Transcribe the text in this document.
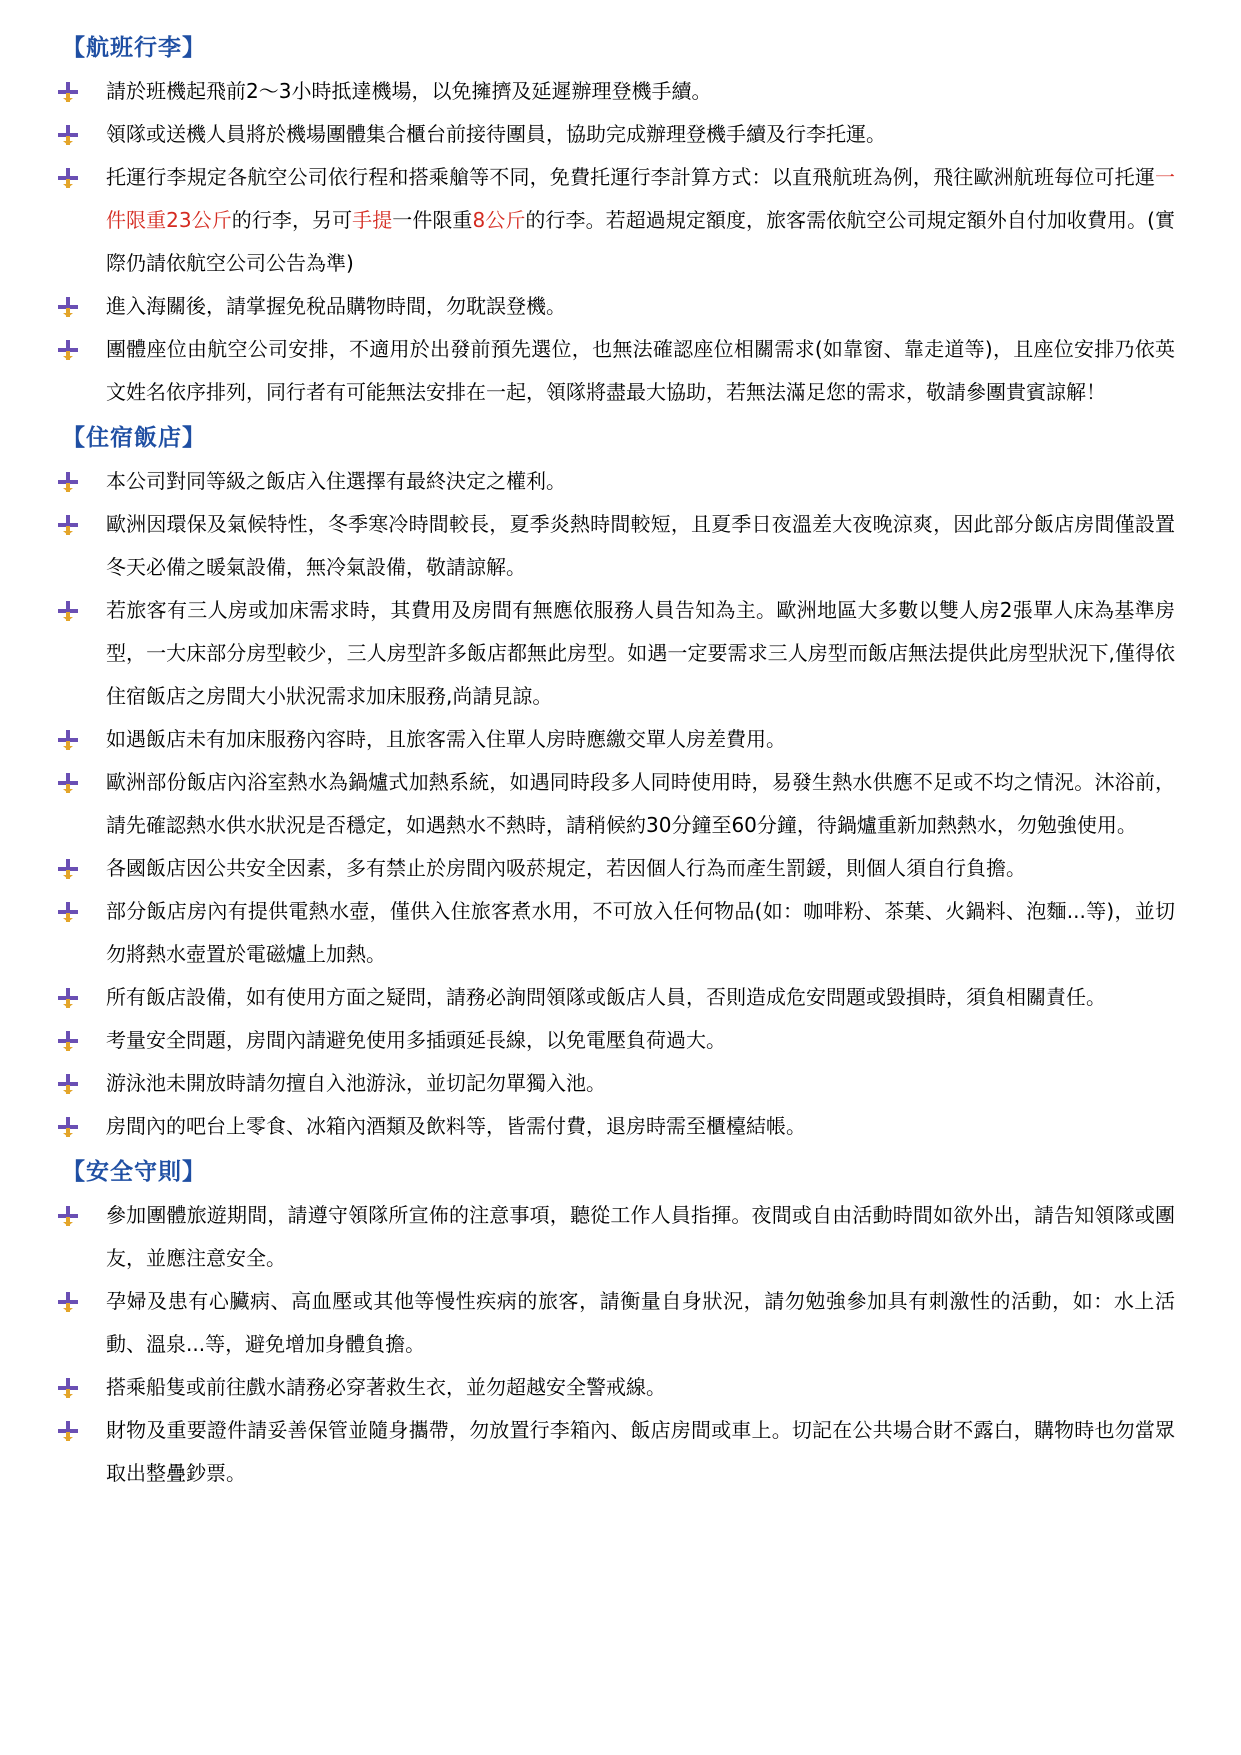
【航班行李】
請於班機起飛前2～3小時抵達機場，以免擁擠及延遲辦理登機手續。
領隊或送機人員將於機場團體集合櫃台前接待團員，協助完成辦理登機手續及行李托運。
托運行李規定各航空公司依行程和搭乘艙等不同，免費托運行李計算方式：以直飛航班為例，飛往歐洲航班每位可托運一件限重23公斤的行李，另可手提一件限重8公斤的行李。若超過規定額度，旅客需依航空公司規定額外自付加收費用。(實際仍請依航空公司公告為準)
進入海關後，請掌握免稅品購物時間，勿耽誤登機。
團體座位由航空公司安排，不適用於出發前預先選位，也無法確認座位相關需求(如靠窗、靠走道等)，且座位安排乃依英文姓名依序排列，同行者有可能無法安排在一起，領隊將盡最大協助，若無法滿足您的需求，敬請參團貴賓諒解！
【住宿飯店】
本公司對同等級之飯店入住選擇有最終決定之權利。
歐洲因環保及氣候特性，冬季寒冷時間較長，夏季炎熱時間較短，且夏季日夜溫差大夜晚涼爽，因此部分飯店房間僅設置冬天必備之暖氣設備，無冷氣設備，敬請諒解。
若旅客有三人房或加床需求時，其費用及房間有無應依服務人員告知為主。歐洲地區大多數以雙人房2張單人床為基準房型，一大床部分房型較少，三人房型許多飯店都無此房型。如遇一定要需求三人房型而飯店無法提供此房型狀況下,僅得依住宿飯店之房間大小狀況需求加床服務,尚請見諒。
如遇飯店未有加床服務內容時，且旅客需入住單人房時應繳交單人房差費用。
歐洲部份飯店內浴室熱水為鍋爐式加熱系統，如遇同時段多人同時使用時，易發生熱水供應不足或不均之情況。沐浴前，請先確認熱水供水狀況是否穩定，如遇熱水不熱時，請稍候約30分鐘至60分鐘，待鍋爐重新加熱熱水，勿勉強使用。
各國飯店因公共安全因素，多有禁止於房間內吸菸規定，若因個人行為而產生罰鍰，則個人須自行負擔。
部分飯店房內有提供電熱水壺，僅供入住旅客煮水用，不可放入任何物品(如：咖啡粉、茶葉、火鍋料、泡麵...等)，並切勿將熱水壺置於電磁爐上加熱。
所有飯店設備，如有使用方面之疑問，請務必詢問領隊或飯店人員，否則造成危安問題或毀損時，須負相關責任。
考量安全問題，房間內請避免使用多插頭延長線，以免電壓負荷過大。
游泳池未開放時請勿擅自入池游泳，並切記勿單獨入池。
房間內的吧台上零食、冰箱內酒類及飲料等，皆需付費，退房時需至櫃檯結帳。
【安全守則】
參加團體旅遊期間，請遵守領隊所宣佈的注意事項，聽從工作人員指揮。夜間或自由活動時間如欲外出，請告知領隊或團友，並應注意安全。
孕婦及患有心臟病、高血壓或其他等慢性疾病的旅客，請衡量自身狀況，請勿勉強參加具有刺激性的活動，如：水上活動、溫泉...等，避免增加身體負擔。
搭乘船隻或前往戲水請務必穿著救生衣，並勿超越安全警戒線。
財物及重要證件請妥善保管並隨身攜帶，勿放置行李箱內、飯店房間或車上。切記在公共場合財不露白，購物時也勿當眾取出整疊鈔票。
